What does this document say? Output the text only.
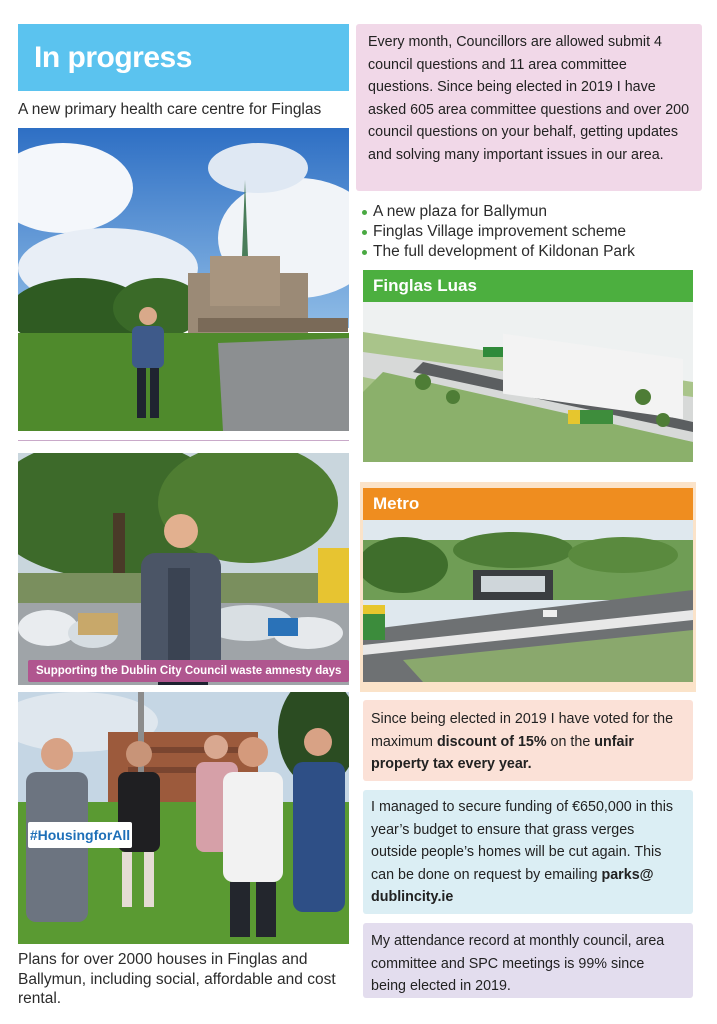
In progress
A new primary health care centre for Finglas
Supporting the Dublin City Council waste amnesty days
#HousingforAll
Plans for over 2000 houses in Finglas and Ballymun, including social, affordable and cost rental.
Every month, Councillors are allowed submit 4 council questions and 11 area committee questions. Since being elected in 2019 I have asked 605 area committee questions and over 200 council questions on your behalf, getting updates and solving many important issues in our area.
A new plaza for Ballymun
Finglas Village improvement scheme
The full development of Kildonan Park
Finglas Luas
Metro
Since being elected in 2019 I have voted for the maximum discount of 15% on the unfair property tax every year.
I managed to secure funding of €650,000 in this year’s budget to ensure that grass verges outside people’s homes will be cut again. This can be done on request by emailing parks@ dublincity.ie
My attendance record at monthly council, area committee and SPC meetings is 99% since being elected in 2019.
